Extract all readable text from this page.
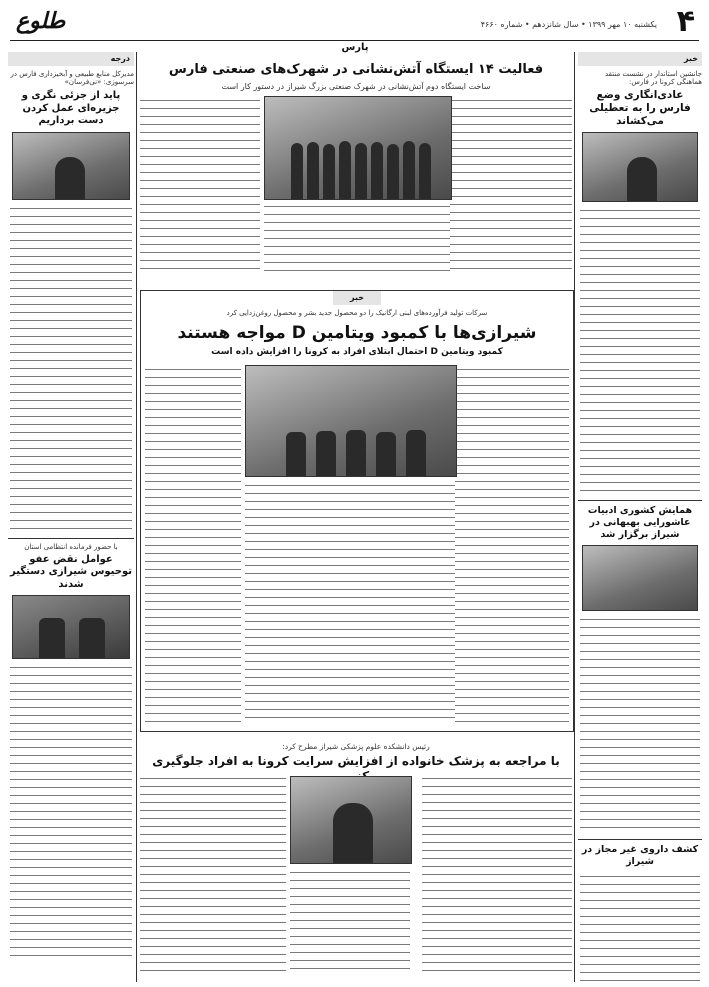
۴
یکشنبه ۱۰ مهر ۱۳۹۹ • سال شانزدهم • شماره ۴۶۶۰
طلوع
پارس
خبر
جانشین استاندار در نشست منتقد هماهنگی کرونا در فارس:
عادی‌انگاری وضع فارس را به تعطیلی می‌کشاند
همایش کشوری ادبیات عاشورایی بهبهانی در شیراز برگزار شد
کشف داروی غیر مجاز در شیراز
فعالیت ۱۴ ایستگاه آتش‌نشانی در شهرک‌های صنعتی فارس
ساخت ایستگاه دوم آتش‌نشانی در شهرک صنعتی بزرگ شیراز در دستور کار است
خبر
سرکات تولید فرآورده‌های لبنی ارگانیک را دو محصول جدید بشر و محصول روغن‌زدایی کرد
شیرازی‌ها با کمبود ویتامین D مواجه هستند
کمبود ویتامین D احتمال ابتلای افراد به کرونا را افزایش داده است
رئیس دانشکده علوم پزشکی شیراز مطرح کرد:
با مراجعه به پزشک خانواده از افزایش سرایت کرونا به افراد جلوگیری
درجه
مدیرکل منابع طبیعی و آبخیزداری فارس در سرسوزی: «نی‌فرسان»
پاید از جزئی نگری و جزیره‌ای عمل کردن دست برداریم
با حضور فرمانده انتظامی استان
عوامل نقض عفو توحیوس شیرازی دستگیر شدند
